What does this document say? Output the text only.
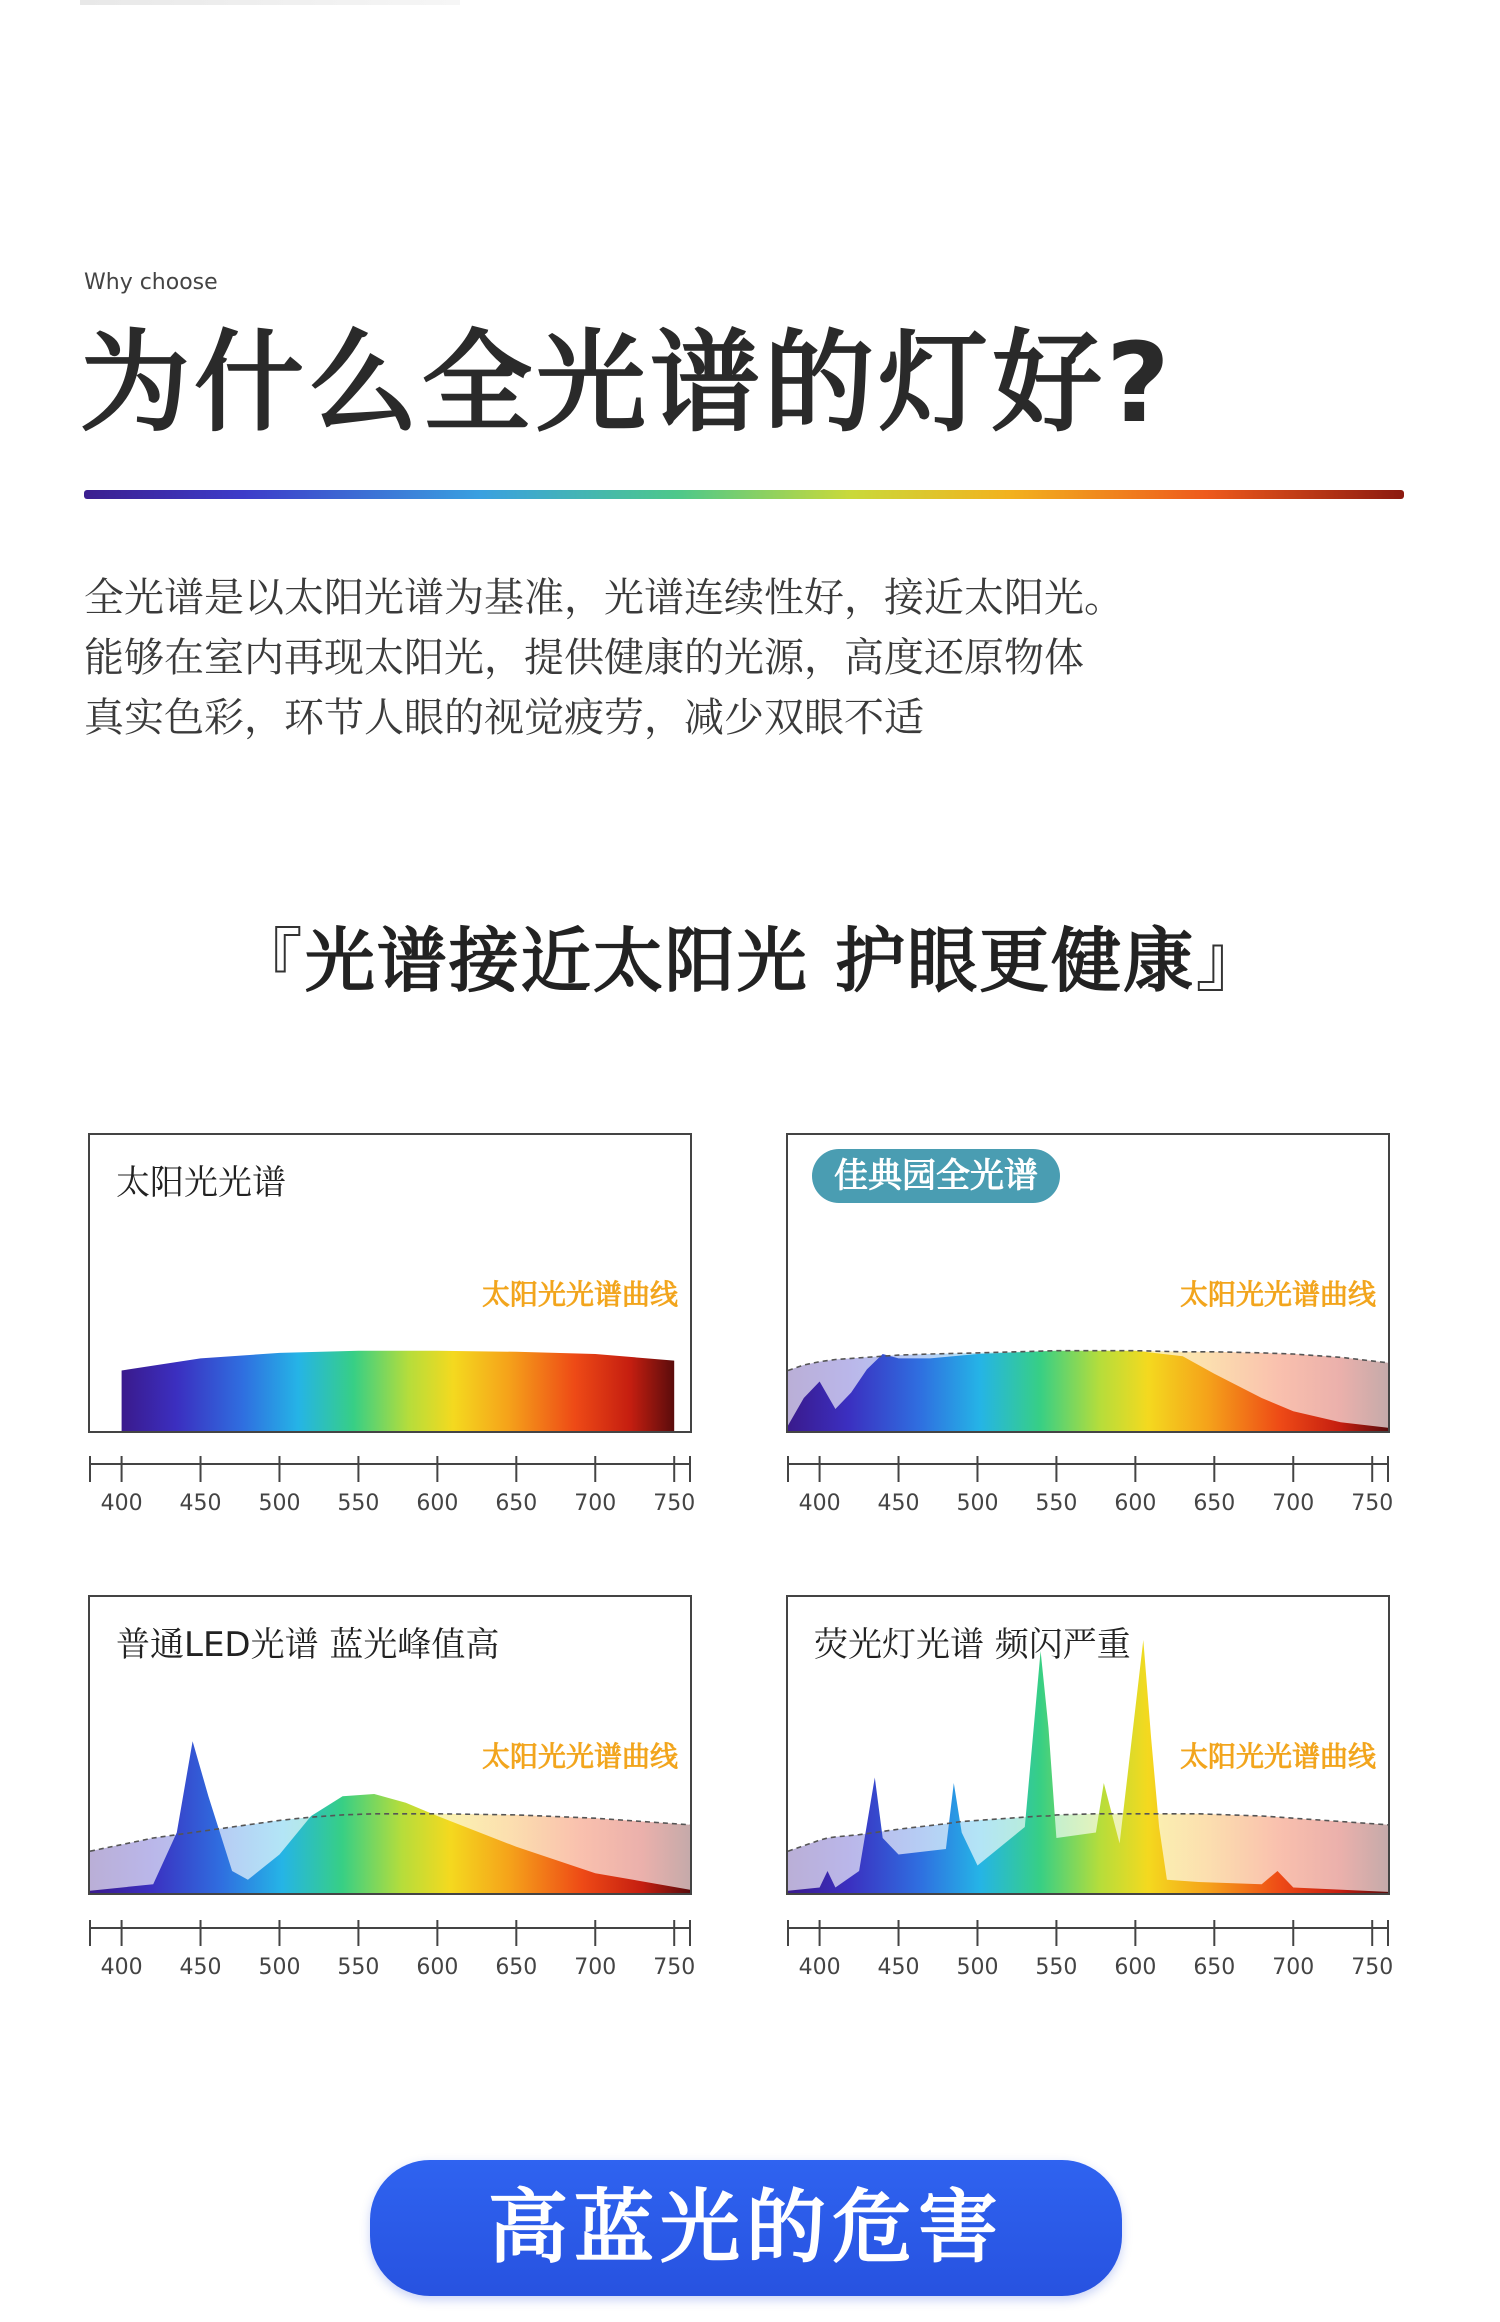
Why choose
为什么全光谱的灯好?

全光谱是以太阳光谱为基准，光谱连续性好，接近太阳光。

能够在室内再现太阳光，提供健康的光源，高度还原物体

真实色彩，环节人眼的视觉疲劳，减少双眼不适

『光谱接近太阳光 护眼更健康』
太阳光光谱
太阳光光谱曲线
400 450 500 550 600 650 700 750
佳典园全光谱
太阳光光谱曲线
400 450 500 550 600 650 700 750
普通LED光谱 蓝光峰值高
太阳光光谱曲线
400 450 500 550 600 650 700 750
荧光灯光谱 频闪严重
太阳光光谱曲线
400 450 500 550 600 650 700 750
高蓝光的危害
